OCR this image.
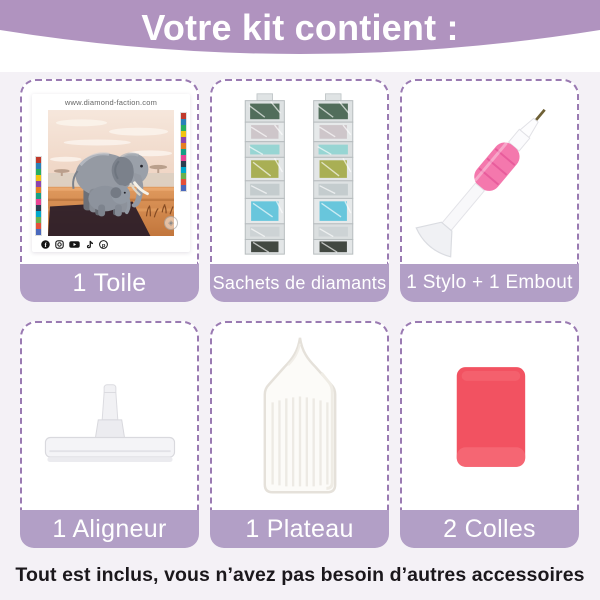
Votre kit contient :
www.diamond-faction.com
f	p
◈
1 Toile	Sachets de diamants	1 Stylo + 1 Embout
1 Aligneur	1 Plateau	2 Colles
Tout est inclus, vous n’avez pas besoin d’autres accessoires
